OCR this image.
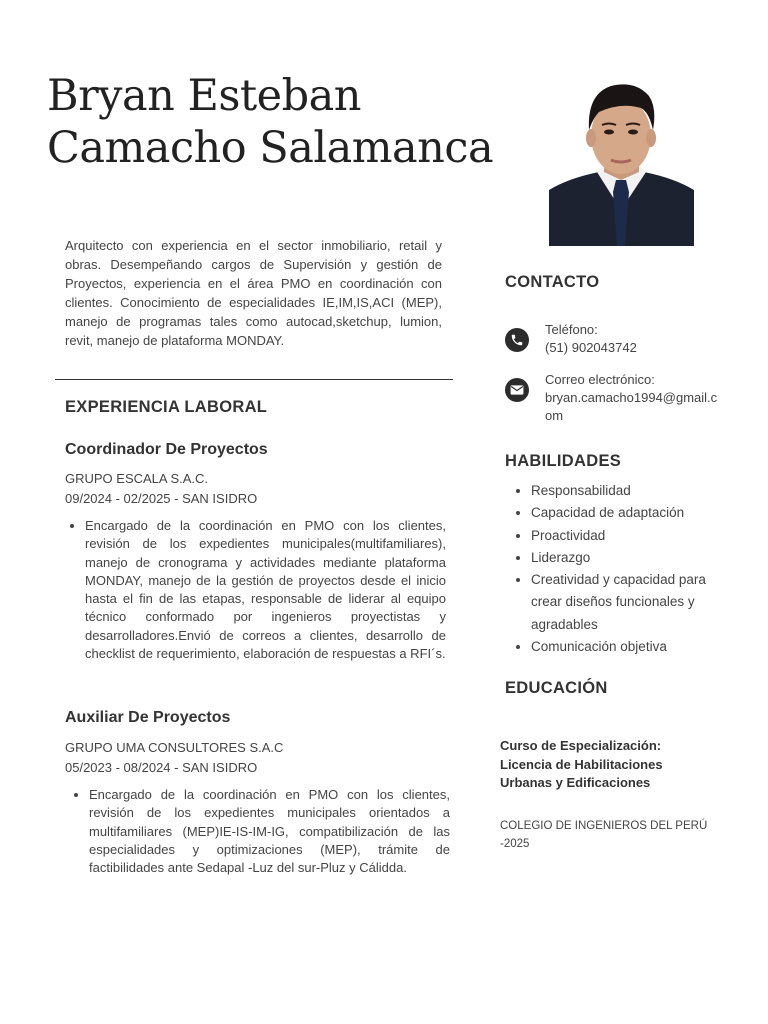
Bryan Esteban
Camacho Salamanca

Arquitecto con experiencia en el sector inmobiliario, retail y obras. Desempeñando cargos de Supervisión y gestión de Proyectos, experiencia en el área PMO en coordinación con clientes. Conocimiento de especialidades IE,IM,IS,ACI (MEP), manejo de programas tales como autocad,sketchup, lumion, revit, manejo de plataforma MONDAY.

EXPERIENCIA LABORAL
Coordinador De Proyectos
GRUPO ESCALA S.A.C.
09/2024 - 02/2025 - SAN ISIDRO
• Encargado de la coordinación en PMO con los clientes, revisión de los expedientes municipales(multifamiliares), manejo de cronograma y actividades mediante plataforma MONDAY, manejo de la gestión de proyectos desde el inicio hasta el fin de las etapas, responsable de liderar al equipo técnico conformado por ingenieros proyectistas y desarrolladores.Envió de correos a clientes, desarrollo de checklist de requerimiento, elaboración de respuestas a RFI´s.
Auxiliar De Proyectos
GRUPO UMA CONSULTORES S.A.C
05/2023 - 08/2024 - SAN ISIDRO
• Encargado de la coordinación en PMO con los clientes, revisión de los expedientes municipales orientados a multifamiliares (MEP)IE-IS-IM-IG, compatibilización de las especialidades y optimizaciones (MEP), trámite de factibilidades ante Sedapal -Luz del sur-Pluz y Cálidda.
CONTACTO
Teléfono:
(51) 902043742
Correo electrónico:
bryan.camacho1994@gmail.com
HABILIDADES
• Responsabilidad
• Capacidad de adaptación
• Proactividad
• Liderazgo
• Creatividad y capacidad para crear diseños funcionales y agradables
• Comunicación objetiva
EDUCACIÓN
Curso de Especialización: Licencia de Habilitaciones Urbanas y Edificaciones
COLEGIO DE INGENIEROS DEL PERÚ -2025
